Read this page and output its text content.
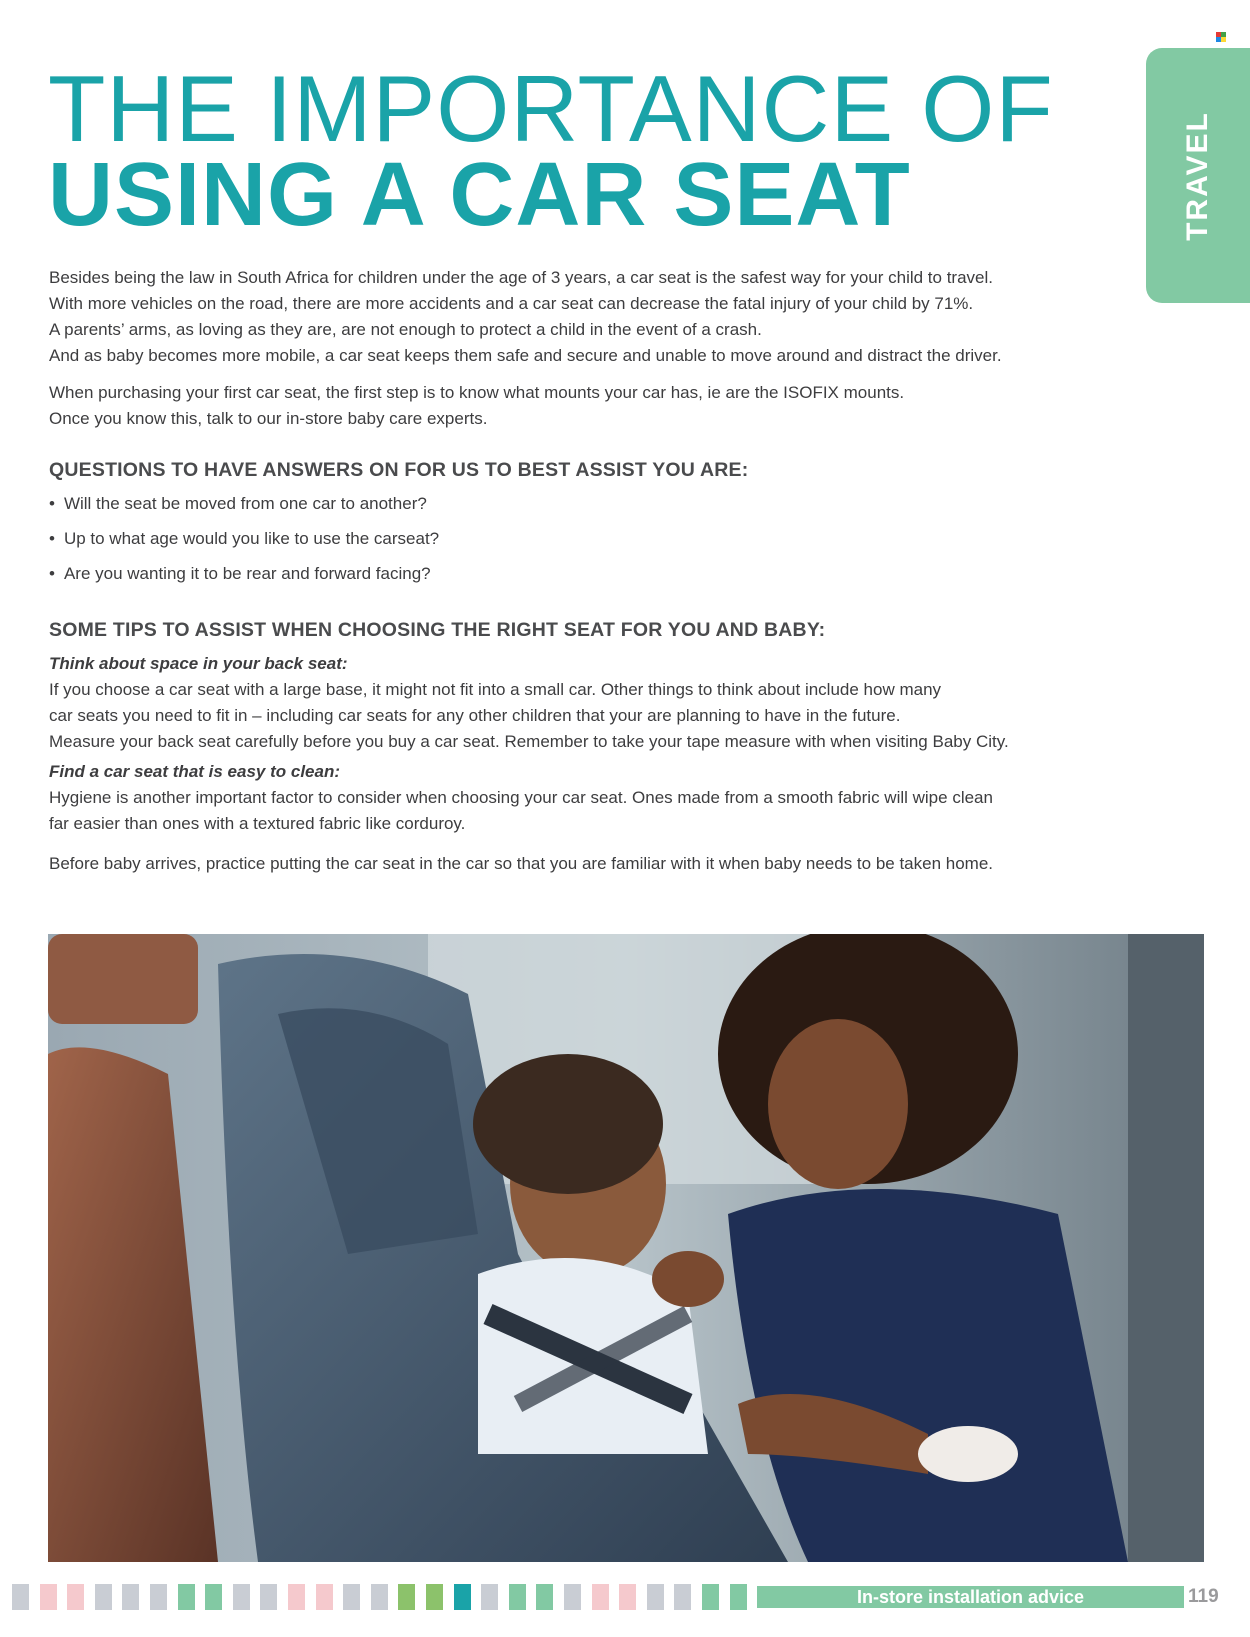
THE IMPORTANCE OF
USING A CAR SEAT	TRAVEL

Besides being the law in South Africa for children under the age of 3 years, a car seat is the safest way for your child to travel.
With more vehicles on the road, there are more accidents and a car seat can decrease the fatal injury of your child by 71%.
A parents’ arms, as loving as they are, are not enough to protect a child in the event of a crash.
And as baby becomes more mobile, a car seat keeps them safe and secure and unable to move around and distract the driver.

When purchasing your first car seat, the first step is to know what mounts your car has, ie are the ISOFIX mounts.
Once you know this, talk to our in-store baby care experts.

QUESTIONS TO HAVE ANSWERS ON FOR US TO BEST ASSIST YOU ARE:
• Will the seat be moved from one car to another?
• Up to what age would you like to use the carseat?
• Are you wanting it to be rear and forward facing?
SOME TIPS TO ASSIST WHEN CHOOSING THE RIGHT SEAT FOR YOU AND BABY:

Think about space in your back seat:
If you choose a car seat with a large base, it might not fit into a small car. Other things to think about include how many
car seats you need to fit in – including car seats for any other children that your are planning to have in the future.
Measure your back seat carefully before you buy a car seat. Remember to take your tape measure with when visiting Baby City.

Find a car seat that is easy to clean:
Hygiene is another important factor to consider when choosing your car seat. Ones made from a smooth fabric will wipe clean
far easier than ones with a textured fabric like corduroy.

Before baby arrives, practice putting the car seat in the car so that you are familiar with it when baby needs to be taken home.

In-store installation advice	119
